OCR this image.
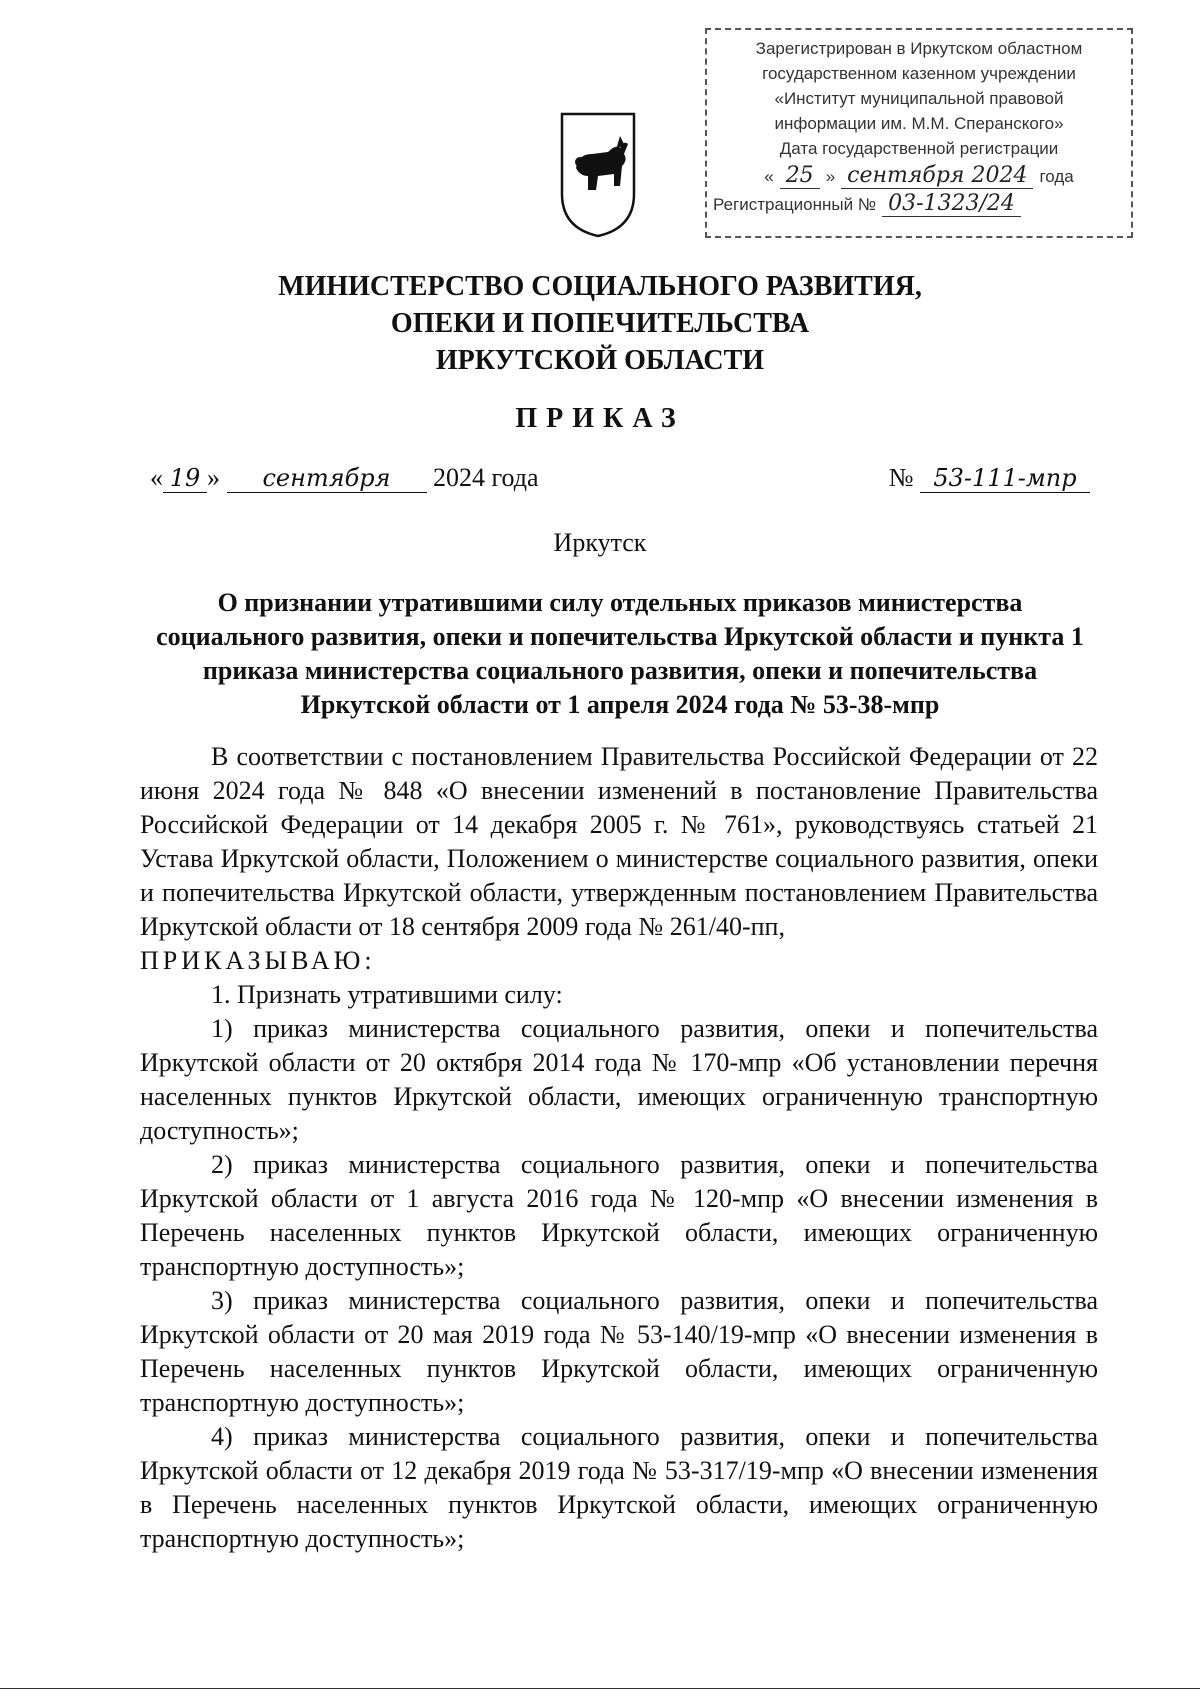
Зарегистрирован в Иркутском областном
государственном казенном учреждении
«Институт муниципальной правовой
информации им. М.М. Сперанского»
Дата государственной регистрации
« 25 » сентября 2024 года
Регистрационный № 03-1323/24
МИНИСТЕРСТВО СОЦИАЛЬНОГО РАЗВИТИЯ,
ОПЕКИ И ПОПЕЧИТЕЛЬСТВА
ИРКУТСКОЙ ОБЛАСТИ
ПРИКАЗ
« 19 » сентября 2024 года	№ 53-111-мпр
Иркутск
О признании утратившими силу отдельных приказов министерства социального развития, опеки и попечительства Иркутской области и пункта 1 приказа министерства социального развития, опеки и попечительства Иркутской области от 1 апреля 2024 года № 53-38-мпр

В соответствии с постановлением Правительства Российской Федерации от 22 июня 2024 года № 848 «О внесении изменений в постановление Правительства Российской Федерации от 14 декабря 2005 г. № 761», руководствуясь статьей 21 Устава Иркутской области, Положением о министерстве социального развития, опеки и попечительства Иркутской области, утвержденным постановлением Правительства Иркутской области от 18 сентября 2009 года № 261/40-пп,

ПРИКАЗЫВАЮ:

1. Признать утратившими силу:

1) приказ министерства социального развития, опеки и попечительства Иркутской области от 20 октября 2014 года № 170-мпр «Об установлении перечня населенных пунктов Иркутской области, имеющих ограниченную транспортную доступность»;

2) приказ министерства социального развития, опеки и попечительства Иркутской области от 1 августа 2016 года № 120-мпр «О внесении изменения в Перечень населенных пунктов Иркутской области, имеющих ограниченную транспортную доступность»;

3) приказ министерства социального развития, опеки и попечительства Иркутской области от 20 мая 2019 года № 53-140/19-мпр «О внесении изменения в Перечень населенных пунктов Иркутской области, имеющих ограниченную транспортную доступность»;

4) приказ министерства социального развития, опеки и попечительства Иркутской области от 12 декабря 2019 года № 53-317/19-мпр «О внесении изменения в Перечень населенных пунктов Иркутской области, имеющих ограниченную транспортную доступность»;
